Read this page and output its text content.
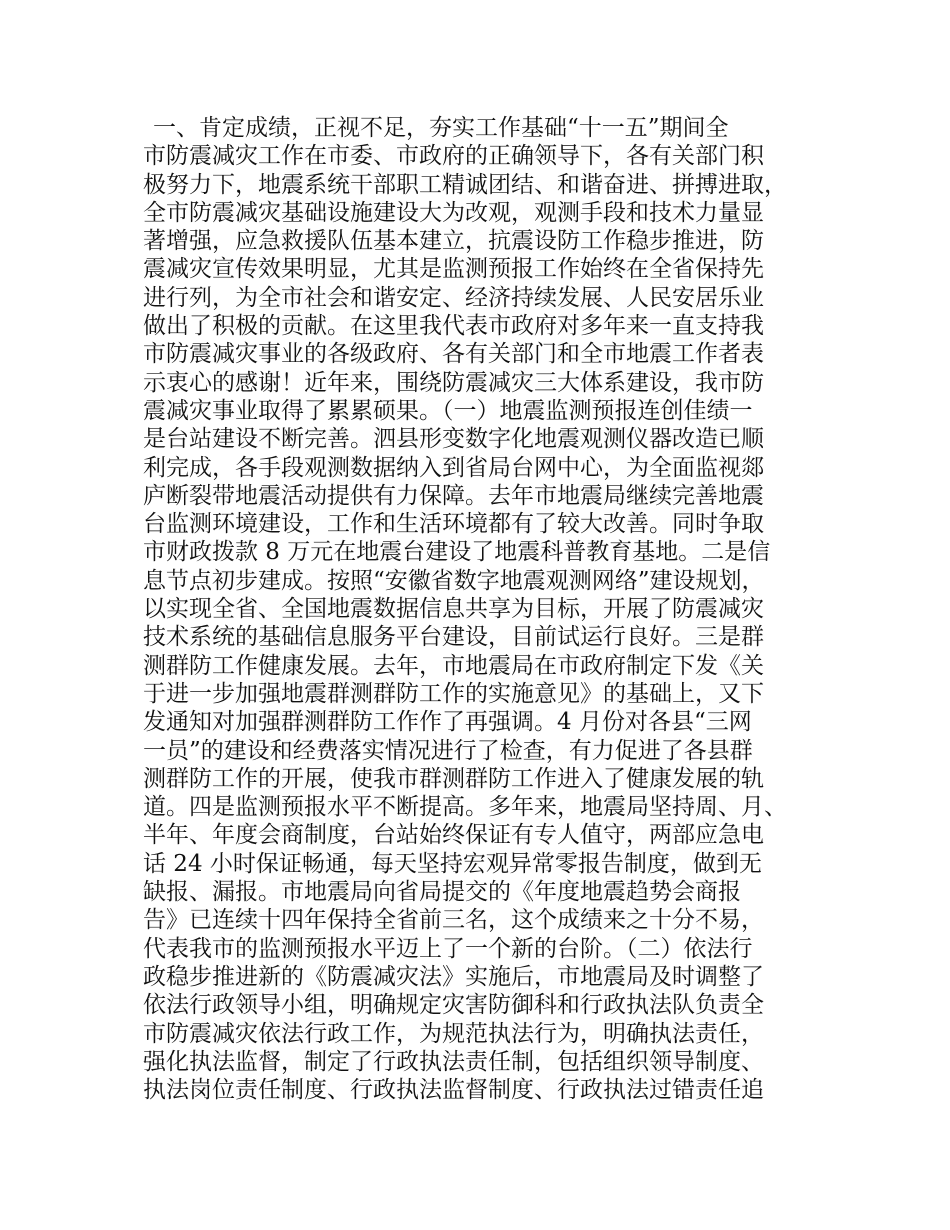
一、肯定成绩，正视不足，夯实工作基础“十一五”期间全
市防震减灾工作在市委、市政府的正确领导下，各有关部门积
极努力下，地震系统干部职工精诚团结、和谐奋进、拼搏进取，
全市防震减灾基础设施建设大为改观，观测手段和技术力量显
著增强，应急救援队伍基本建立，抗震设防工作稳步推进，防
震减灾宣传效果明显，尤其是监测预报工作始终在全省保持先
进行列，为全市社会和谐安定、经济持续发展、人民安居乐业
做出了积极的贡献。在这里我代表市政府对多年来一直支持我
市防震减灾事业的各级政府、各有关部门和全市地震工作者表
示衷心的感谢！近年来，围绕防震减灾三大体系建设，我市防
震减灾事业取得了累累硕果。（一）地震监测预报连创佳绩一
是台站建设不断完善。泗县形变数字化地震观测仪器改造已顺
利完成，各手段观测数据纳入到省局台网中心，为全面监视郯
庐断裂带地震活动提供有力保障。去年市地震局继续完善地震
台监测环境建设，工作和生活环境都有了较大改善。同时争取
市财政拨款 8 万元在地震台建设了地震科普教育基地。二是信
息节点初步建成。按照“安徽省数字地震观测网络”建设规划，
以实现全省、全国地震数据信息共享为目标，开展了防震减灾
技术系统的基础信息服务平台建设，目前试运行良好。三是群
测群防工作健康发展。去年，市地震局在市政府制定下发《关
于进一步加强地震群测群防工作的实施意见》的基础上，又下
发通知对加强群测群防工作作了再强调。4 月份对各县“三网
一员”的建设和经费落实情况进行了检查，有力促进了各县群
测群防工作的开展，使我市群测群防工作进入了健康发展的轨
道。四是监测预报水平不断提高。多年来，地震局坚持周、月、
半年、年度会商制度，台站始终保证有专人值守，两部应急电
话 24 小时保证畅通，每天坚持宏观异常零报告制度，做到无
缺报、漏报。市地震局向省局提交的《年度地震趋势会商报
告》已连续十四年保持全省前三名，这个成绩来之十分不易，
代表我市的监测预报水平迈上了一个新的台阶。（二）依法行
政稳步推进新的《防震减灾法》实施后，市地震局及时调整了
依法行政领导小组，明确规定灾害防御科和行政执法队负责全
市防震减灾依法行政工作，为规范执法行为，明确执法责任，
强化执法监督，制定了行政执法责任制，包括组织领导制度、
执法岗位责任制度、行政执法监督制度、行政执法过错责任追
